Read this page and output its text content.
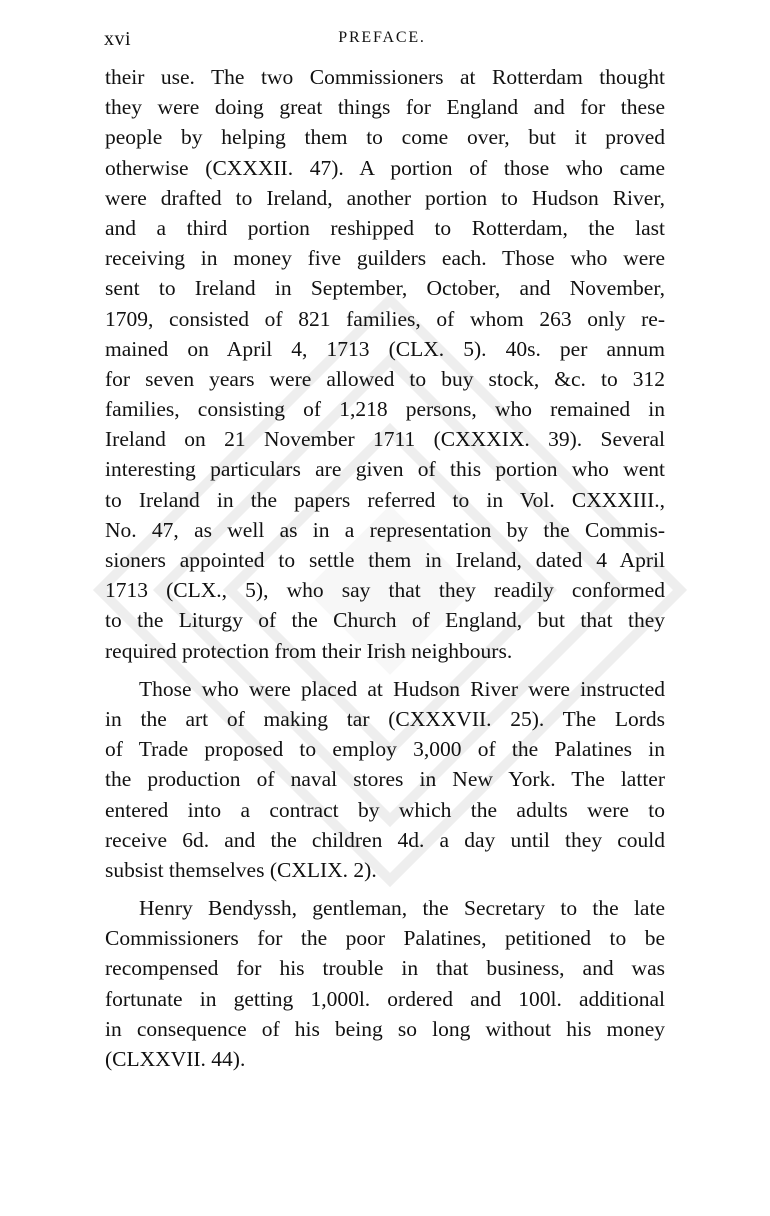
xvi	PREFACE.
their use. The two Commissioners at Rotterdam thought
they were doing great things for England and for these
people by helping them to come over, but it proved
otherwise (CXXXII. 47). A portion of those who came
were drafted to Ireland, another portion to Hudson River,
and a third portion reshipped to Rotterdam, the last
receiving in money five guilders each. Those who were
sent to Ireland in September, October, and November,
1709, consisted of 821 families, of whom 263 only re-
mained on April 4, 1713 (CLX. 5). 40s. per annum
for seven years were allowed to buy stock, &c. to 312
families, consisting of 1,218 persons, who remained in
Ireland on 21 November 1711 (CXXXIX. 39). Several
interesting particulars are given of this portion who went
to Ireland in the papers referred to in Vol. CXXXIII.,
No. 47, as well as in a representation by the Commis-
sioners appointed to settle them in Ireland, dated 4 April
1713 (CLX., 5), who say that they readily conformed
to the Liturgy of the Church of England, but that they
required protection from their Irish neighbours.
Those who were placed at Hudson River were instructed
in the art of making tar (CXXXVII. 25). The Lords
of Trade proposed to employ 3,000 of the Palatines in
the production of naval stores in New York. The latter
entered into a contract by which the adults were to
receive 6d. and the children 4d. a day until they could
subsist themselves (CXLIX. 2).
Henry Bendyssh, gentleman, the Secretary to the late
Commissioners for the poor Palatines, petitioned to be
recompensed for his trouble in that business, and was
fortunate in getting 1,000l. ordered and 100l. additional
in consequence of his being so long without his money
(CLXXVII. 44).
